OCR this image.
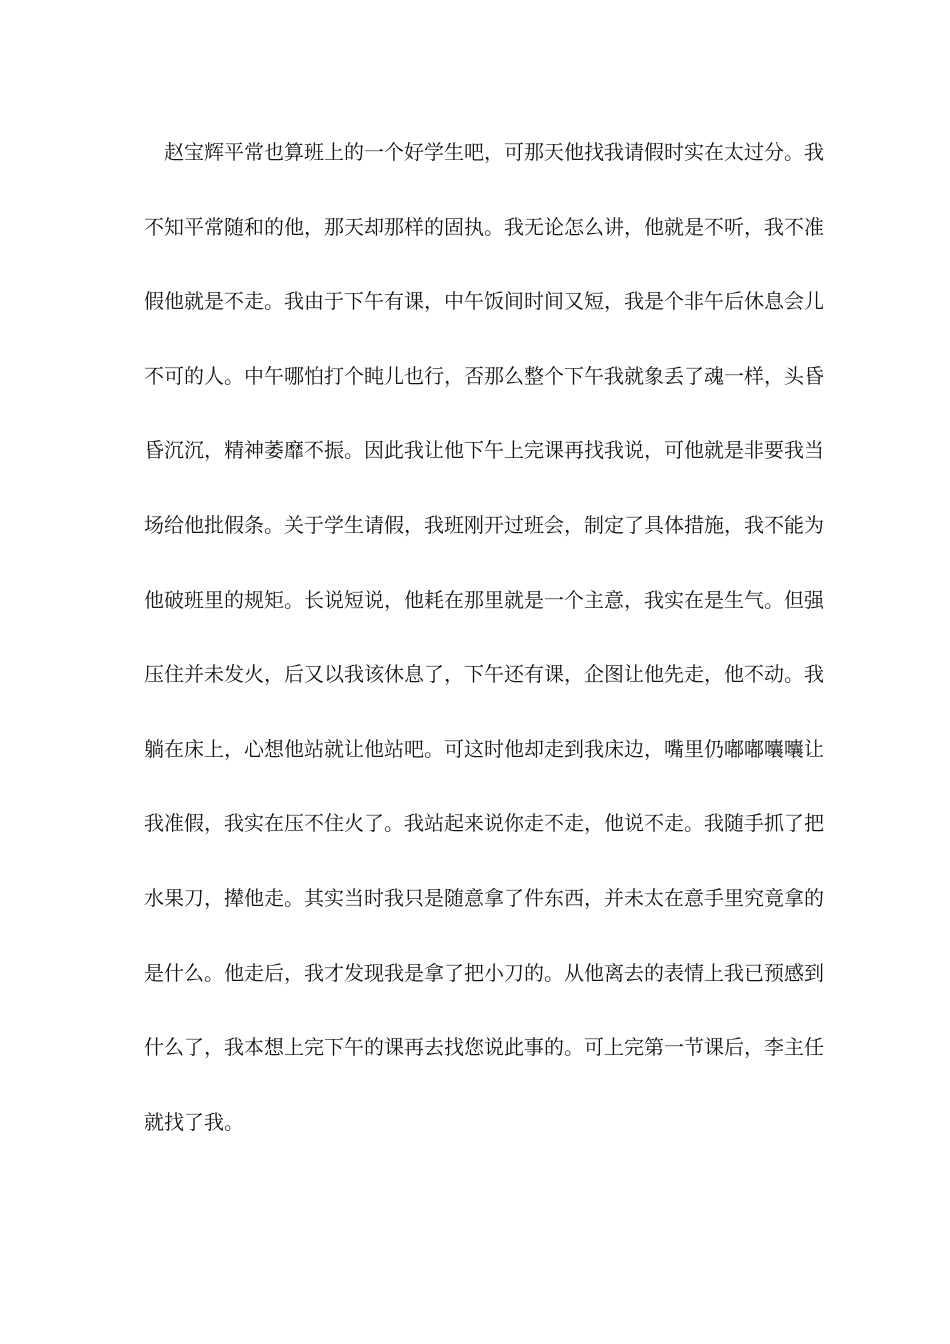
赵宝辉平常也算班上的一个好学生吧，可那天他找我请假时实在太过分。我
不知平常随和的他，那天却那样的固执。我无论怎么讲，他就是不听，我不准
假他就是不走。我由于下午有课，中午饭间时间又短，我是个非午后休息会儿
不可的人。中午哪怕打个盹儿也行，否那么整个下午我就象丢了魂一样，头昏
昏沉沉，精神萎靡不振。因此我让他下午上完课再找我说，可他就是非要我当
场给他批假条。关于学生请假，我班刚开过班会，制定了具体措施，我不能为
他破班里的规矩。长说短说，他耗在那里就是一个主意，我实在是生气。但强
压住并未发火，后又以我该休息了，下午还有课，企图让他先走，他不动。我
躺在床上，心想他站就让他站吧。可这时他却走到我床边，嘴里仍嘟嘟囔囔让
我准假，我实在压不住火了。我站起来说你走不走，他说不走。我随手抓了把
水果刀，撵他走。其实当时我只是随意拿了件东西，并未太在意手里究竟拿的
是什么。他走后，我才发现我是拿了把小刀的。从他离去的表情上我已预感到
什么了，我本想上完下午的课再去找您说此事的。可上完第一节课后，李主任
就找了我。
